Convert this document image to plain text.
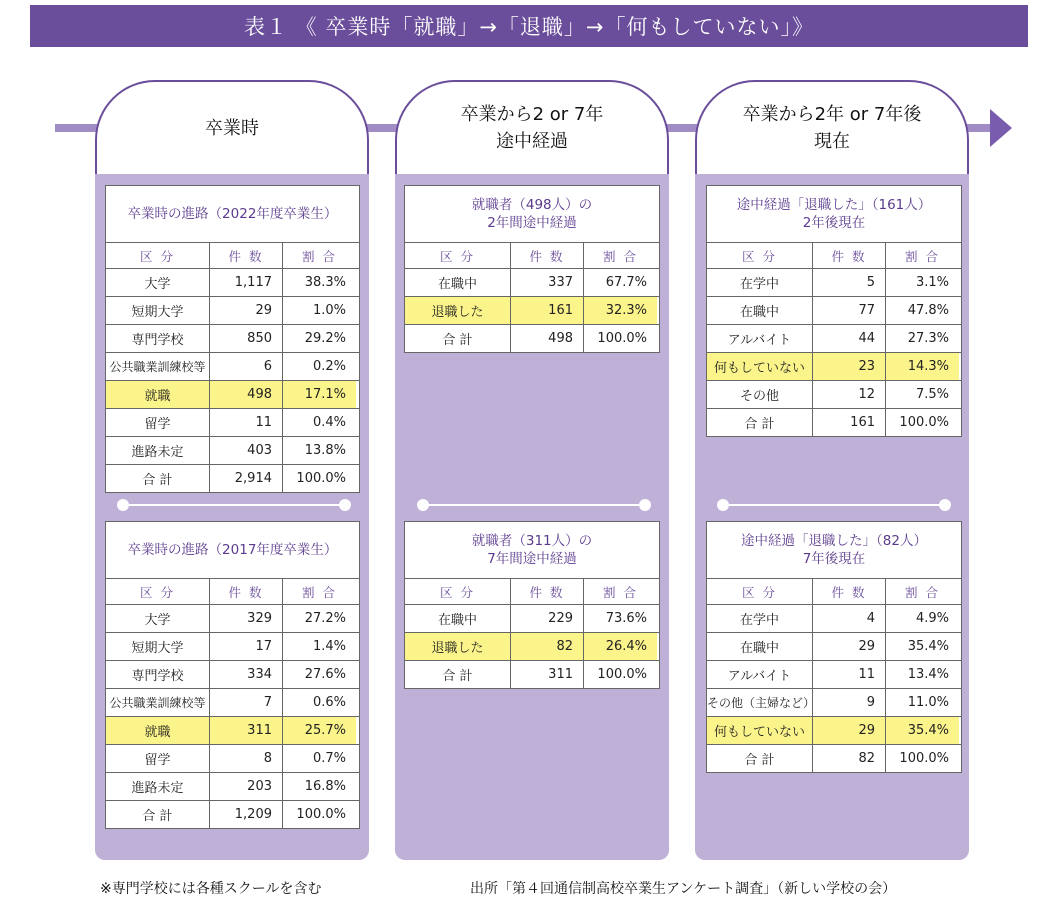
表１ 《 卒業時「就職」→「退職」→「何もしていない」》
卒業時
卒業から2 or 7年
途中経過
卒業から2年 or 7年後
現在
卒業時の進路（2022年度卒業生）
区 分	件 数	割 合
大学	1,117	38.3%
短期大学	29	1.0%
専門学校	850	29.2%
公共職業訓練校等	6	0.2%
就職	498	17.1%
留学	11	0.4%
進路未定	403	13.8%
合 計	2,914	100.0%
卒業時の進路（2017年度卒業生）
区 分	件 数	割 合
大学	329	27.2%
短期大学	17	1.4%
専門学校	334	27.6%
公共職業訓練校等	7	0.6%
就職	311	25.7%
留学	8	0.7%
進路未定	203	16.8%
合 計	1,209	100.0%
就職者（498人）の
2年間途中経過
区 分	件 数	割 合
在職中	337	67.7%
退職した	161	32.3%
合 計	498	100.0%
就職者（311人）の
7年間途中経過
区 分	件 数	割 合
在職中	229	73.6%
退職した	82	26.4%
合 計	311	100.0%
途中経過「退職した」（161人）
2年後現在
区 分	件 数	割 合
在学中	5	3.1%
在職中	77	47.8%
アルバイト	44	27.3%
何もしていない	23	14.3%
その他	12	7.5%
合 計	161	100.0%
途中経過「退職した」（82人）
7年後現在
区 分	件 数	割 合
在学中	4	4.9%
在職中	29	35.4%
アルバイト	11	13.4%
その他（主婦など）	9	11.0%
何もしていない	29	35.4%
合 計	82	100.0%
※専門学校には各種スクールを含む	出所「第４回通信制高校卒業生アンケート調査」（新しい学校の会）
